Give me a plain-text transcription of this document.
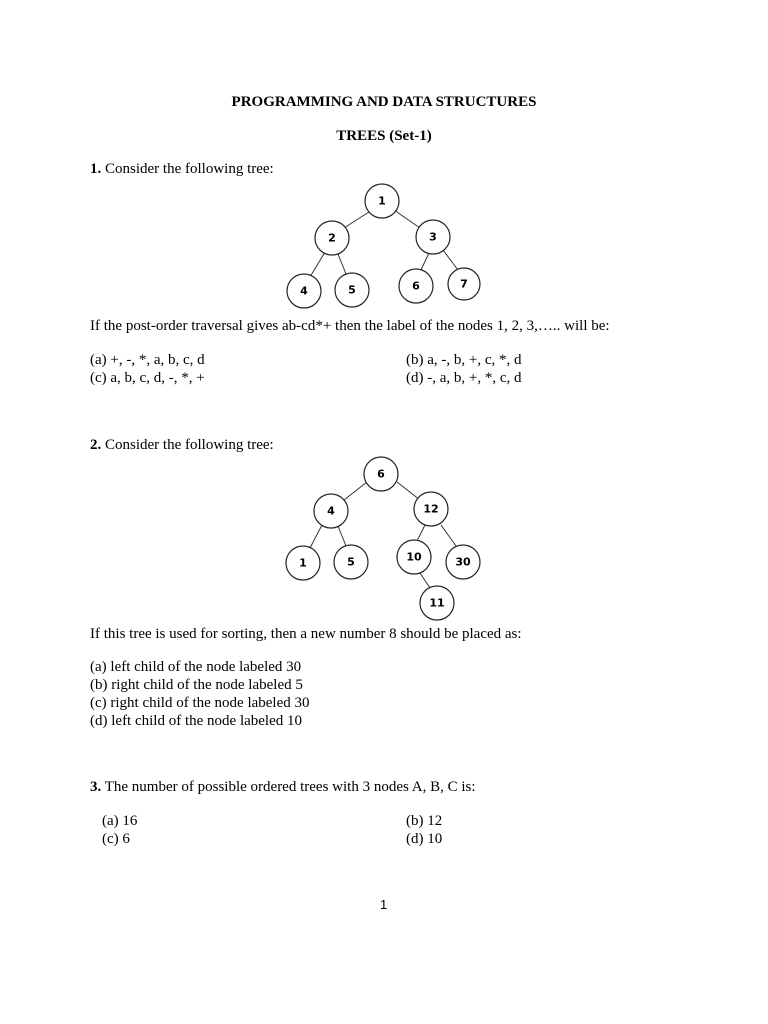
PROGRAMMING AND DATA STRUCTURES
TREES (Set-1)
1. Consider the following tree:
1
2	3
4	5	6	7
If the post-order traversal gives ab-cd*+ then the label of the nodes 1, 2, 3,….. will be:
(a) +, -, *, a, b, c, d	(b) a, -, b, +, c, *, d
(c) a, b, c, d, -, *, +	(d) -, a, b, +, *, c, d
2. Consider the following tree:
6
4	12
1	5	10	30
11
If this tree is used for sorting, then a new number 8 should be placed as:
(a) left child of the node labeled 30
(b) right child of the node labeled 5
(c) right child of the node labeled 30
(d) left child of the node labeled 10
3. The number of possible ordered trees with 3 nodes A, B, C is:
(a) 16	(b) 12
(c) 6	(d) 10
1
